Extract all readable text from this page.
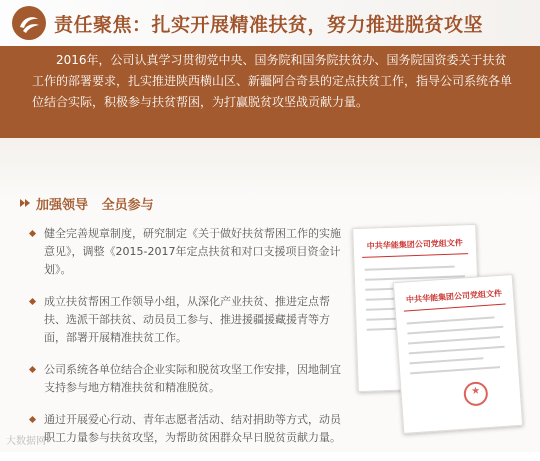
责任聚焦：扎实开展精准扶贫，努力推进脱贫攻坚

2016年，公司认真学习贯彻党中央、国务院和国务院扶贫办、国务院国资委关于扶贫工作的部署要求，扎实推进陕西横山区、新疆阿合奇县的定点扶贫工作，指导公司系统各单位结合实际，积极参与扶贫帮困，为打赢脱贫攻坚战贡献力量。

加强领导   全员参与
健全完善规章制度，研究制定《关于做好扶贫帮困工作的实施意见》，调整《2015-2017年定点扶贫和对口支援项目资金计划》。
成立扶贫帮困工作领导小组，从深化产业扶贫、推进定点帮扶、选派干部扶贫、动员员工参与、推进援疆援藏援青等方面，部署开展精准扶贫工作。
公司系统各单位结合企业实际和脱贫攻坚工作安排，因地制宜支持参与地方精准扶贫和精准脱贫。
通过开展爱心行动、青年志愿者活动、结对捐助等方式，动员职工力量参与扶贫攻坚，为帮助贫困群众早日脱贫贡献力量。
中共华能集团公司党组文件
中共华能集团公司党组文件
★
大数据网
